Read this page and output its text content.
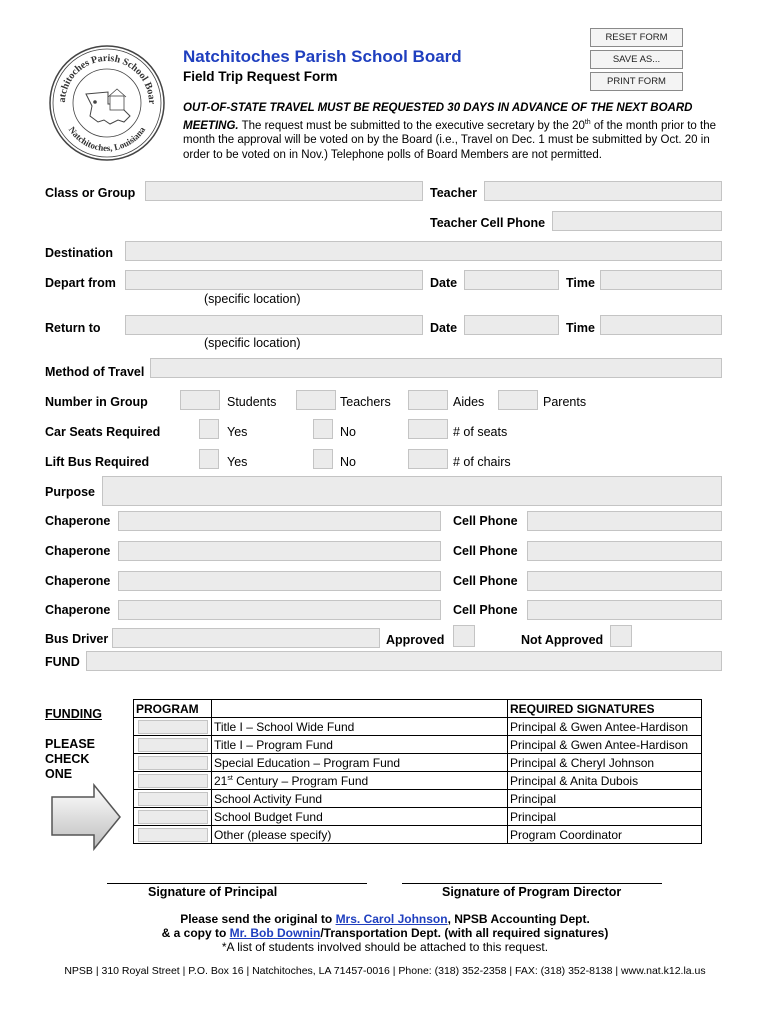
RESET FORM
SAVE AS...
PRINT FORM
atchitoches Parish School Boar
Natchitoches, Louisiana
Natchitoches Parish School Board
Field Trip Request Form
OUT-OF-STATE TRAVEL MUST BE REQUESTED 30 DAYS IN ADVANCE OF THE NEXT BOARD
MEETING. The request must be submitted to the executive secretary by the 20th of the month prior to the
month the approval will be voted on by the Board (i.e., Travel on Dec. 1 must be submitted by Oct. 20 in
order to be voted on in Nov.) Telephone polls of Board Members are not permitted.
Class or Group	Teacher
Teacher Cell Phone
Destination
Depart from	Date	Time
(specific location)
Return to	Date	Time
(specific location)
Method of Travel
Number in Group	Students	Teachers	Aides	Parents
Car Seats Required	Yes	No	# of seats
Lift Bus Required	Yes	No	# of chairs
Purpose
Chaperone	Cell Phone
Chaperone	Cell Phone
Chaperone	Cell Phone
Chaperone	Cell Phone
Bus Driver	Approved	Not Approved
FUND
FUNDING
PLEASE
CHECK
ONE
PROGRAM		REQUIRED SIGNATURES

	Title I – School Wide Fund	Principal & Gwen Antee-Hardison

	Title I – Program Fund	Principal & Gwen Antee-Hardison

	Special Education – Program Fund	Principal & Cheryl Johnson

	21st Century – Program Fund	Principal & Anita Dubois

	School Activity Fund	Principal

	School Budget Fund	Principal

	Other (please specify)	Program Coordinator
Signature of Principal	Signature of Program Director
Please send the original to Mrs. Carol Johnson, NPSB Accounting Dept.
& a copy to Mr. Bob Downin/Transportation Dept. (with all required signatures)
*A list of students involved should be attached to this request.
NPSB | 310 Royal Street | P.O. Box 16 | Natchitoches, LA 71457-0016 | Phone: (318) 352-2358 | FAX: (318) 352-8138 | www.nat.k12.la.us
